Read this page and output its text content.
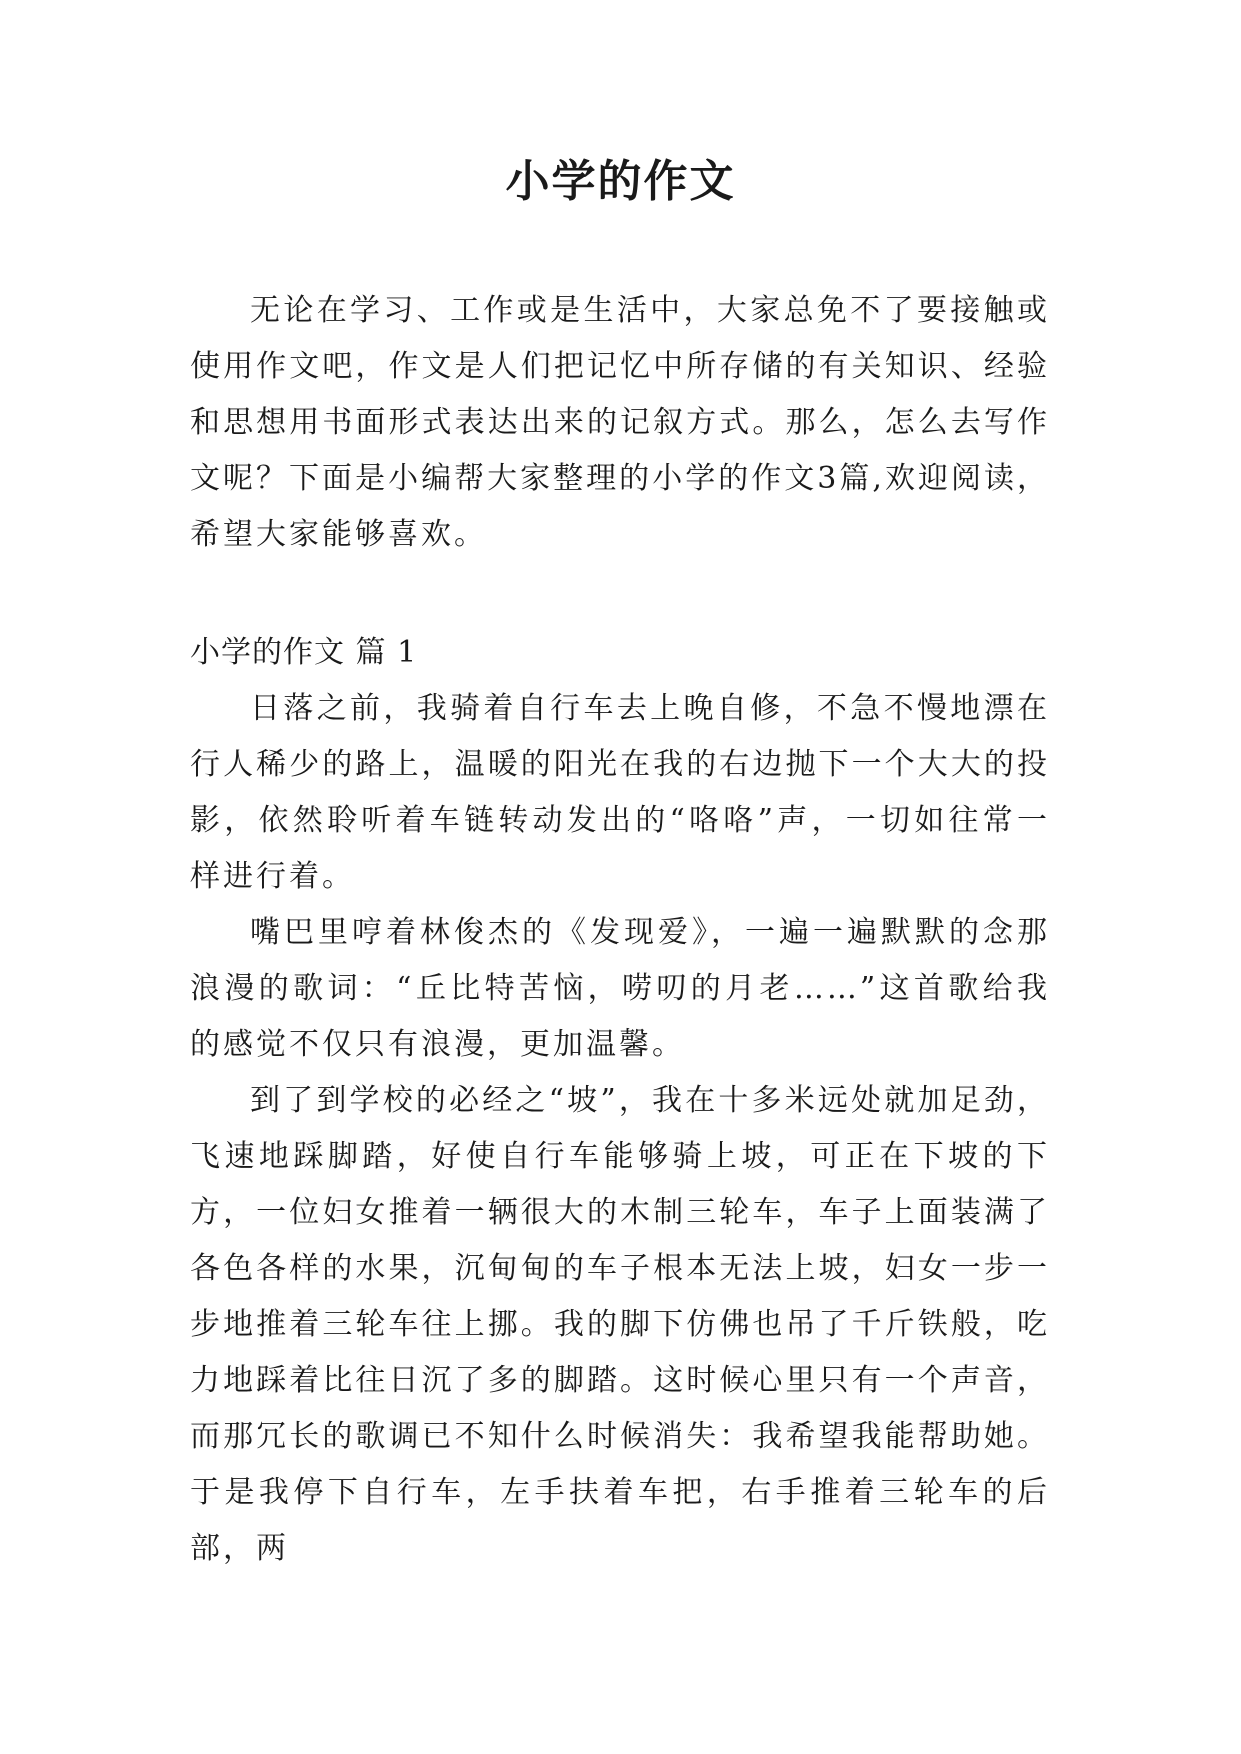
小学的作文

无论在学习、工作或是生活中，大家总免不了要接触或使用作文吧，作文是人们把记忆中所存储的有关知识、经验和思想用书面形式表达出来的记叙方式。那么，怎么去写作文呢？下面是小编帮大家整理的小学的作文3篇,欢迎阅读，希望大家能够喜欢。

小学的作文 篇 1

日落之前，我骑着自行车去上晚自修，不急不慢地漂在行人稀少的路上，温暖的阳光在我的右边抛下一个大大的投影，依然聆听着车链转动发出的“咯咯”声，一切如往常一样进行着。

嘴巴里哼着林俊杰的《发现爱》，一遍一遍默默的念那浪漫的歌词：“丘比特苦恼，唠叨的月老……”这首歌给我的感觉不仅只有浪漫，更加温馨。

到了到学校的必经之“坡”，我在十多米远处就加足劲，飞速地踩脚踏，好使自行车能够骑上坡，可正在下坡的下方，一位妇女推着一辆很大的木制三轮车，车子上面装满了各色各样的水果，沉甸甸的车子根本无法上坡，妇女一步一步地推着三轮车往上挪。我的脚下仿佛也吊了千斤铁般，吃力地踩着比往日沉了多的脚踏。这时候心里只有一个声音，而那冗长的歌调已不知什么时候消失：我希望我能帮助她。于是我停下自行车，左手扶着车把，右手推着三轮车的后部，两
